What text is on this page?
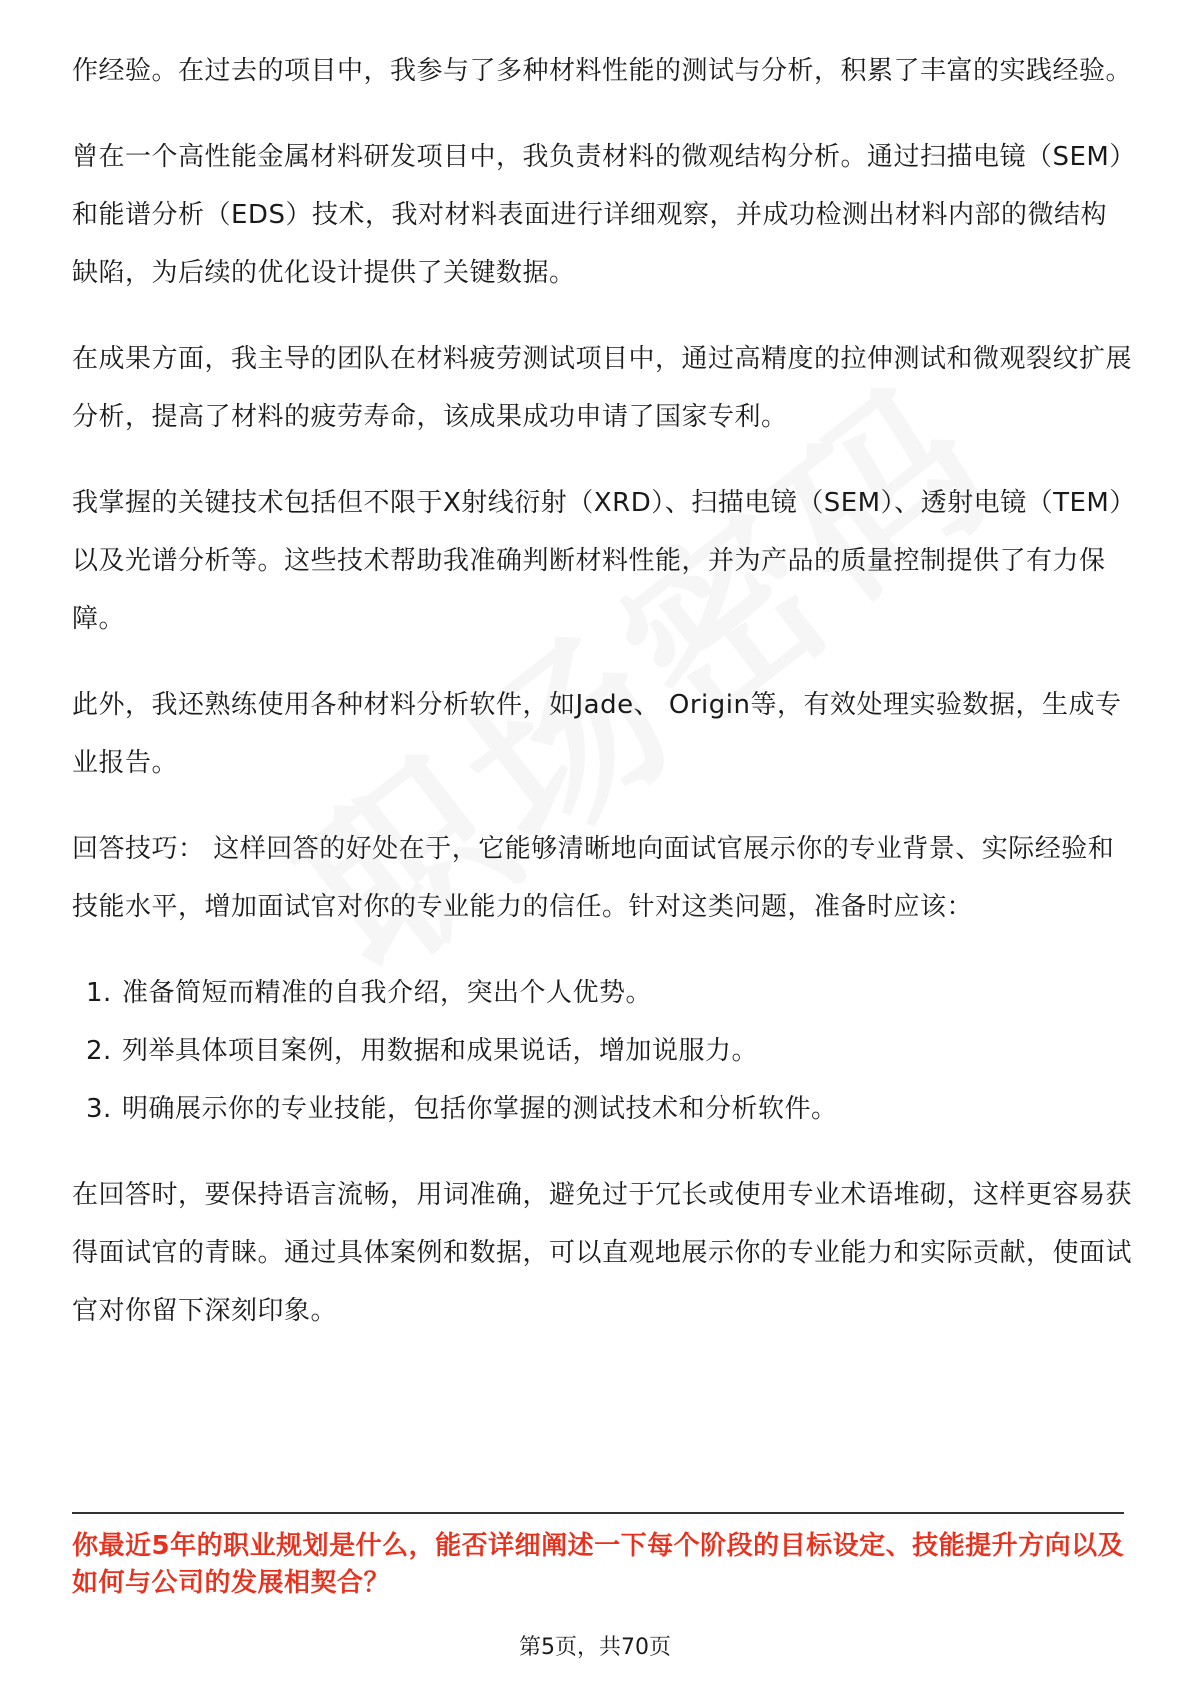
作经验。在过去的项目中，我参与了多种材料性能的测试与分析，积累了丰富的实践经验。

曾在一个高性能金属材料研发项目中，我负责材料的微观结构分析。通过扫描电镜（SEM）和能谱分析（EDS）技术，我对材料表面进行详细观察，并成功检测出材料内部的微结构缺陷，为后续的优化设计提供了关键数据。

在成果方面，我主导的团队在材料疲劳测试项目中，通过高精度的拉伸测试和微观裂纹扩展分析，提高了材料的疲劳寿命，该成果成功申请了国家专利。

我掌握的关键技术包括但不限于X射线衍射（XRD）、扫描电镜（SEM）、透射电镜（TEM）以及光谱分析等。这些技术帮助我准确判断材料性能，并为产品的质量控制提供了有力保障。

此外，我还熟练使用各种材料分析软件，如Jade、 Origin等，有效处理实验数据，生成专业报告。

回答技巧： 这样回答的好处在于，它能够清晰地向面试官展示你的专业背景、实际经验和技能水平，增加面试官对你的专业能力的信任。针对这类问题，准备时应该：

1. 准备简短而精准的自我介绍，突出个人优势。
2. 列举具体项目案例，用数据和成果说话，增加说服力。
3. 明确展示你的专业技能，包括你掌握的测试技术和分析软件。

在回答时，要保持语言流畅，用词准确，避免过于冗长或使用专业术语堆砌，这样更容易获得面试官的青睐。通过具体案例和数据，可以直观地展示你的专业能力和实际贡献，使面试官对你留下深刻印象。

你最近5年的职业规划是什么，能否详细阐述一下每个阶段的目标设定、技能提升方向以及如何与公司的发展相契合？
第5页，共70页
